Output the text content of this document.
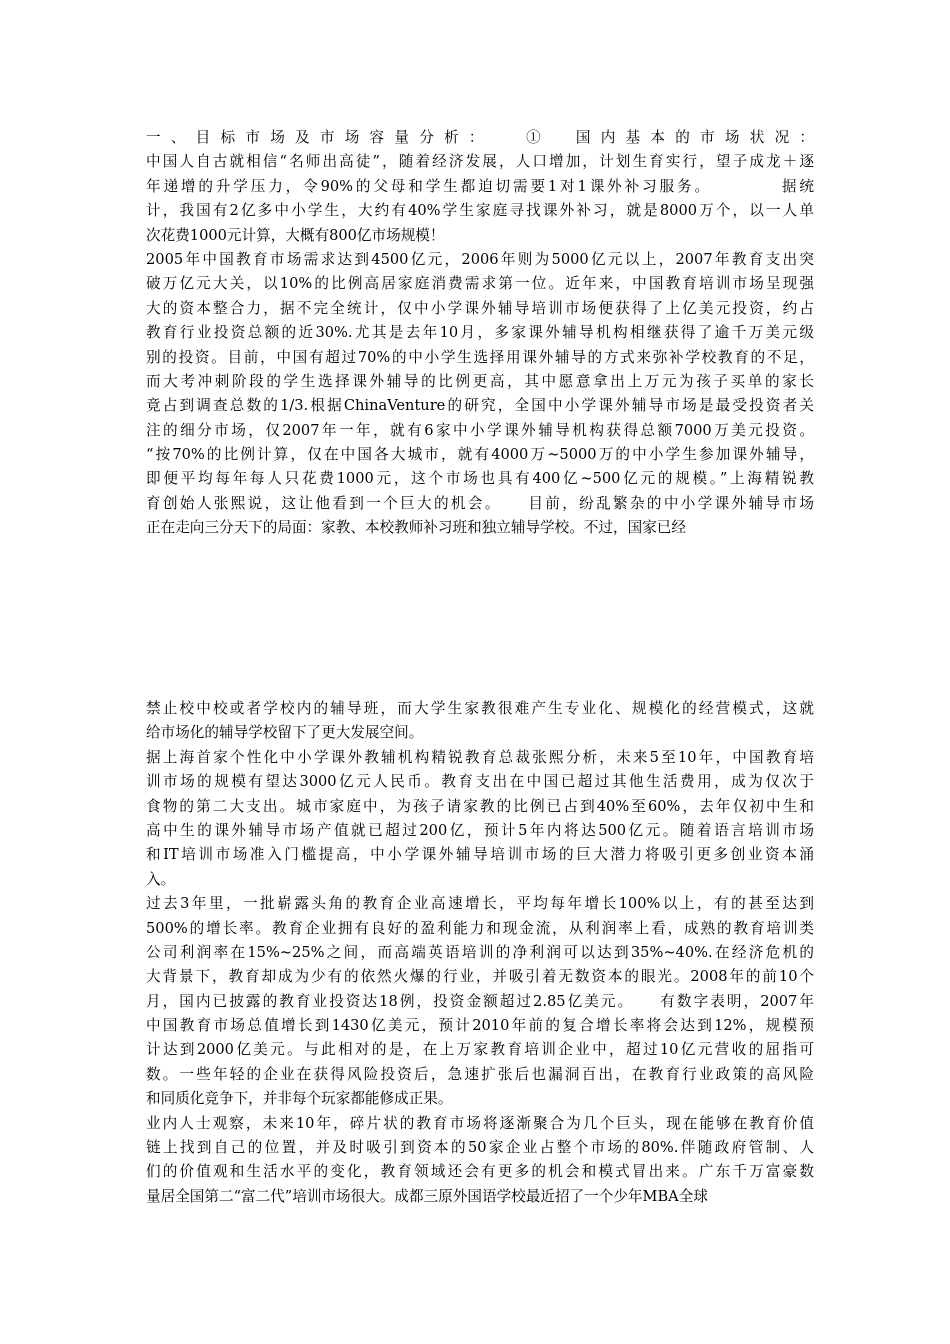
一、目标市场及市场容量分析：　 ①　国内基本的市场状况：
中国人自古就相信“名师出高徒”，随着经济发展，人口增加，计划生育实行，望子成龙＋逐
年递增的升学压力，令90%的父母和学生都迫切需要1对1课外补习服务。　　　　 据统
计，我国有2亿多中小学生，大约有40%学生家庭寻找课外补习，就是8000万个，以一人单
次花费1000元计算，大概有800亿市场规模！
2005年中国教育市场需求达到4500亿元，2006年则为5000亿元以上，2007年教育支出突
破万亿元大关，以10%的比例高居家庭消费需求第一位。近年来，中国教育培训市场呈现强
大的资本整合力，据不完全统计，仅中小学课外辅导培训市场便获得了上亿美元投资，约占
教育行业投资总额的近30%.尤其是去年10月，多家课外辅导机构相继获得了逾千万美元级
别的投资。目前，中国有超过70%的中小学生选择用课外辅导的方式来弥补学校教育的不足，
而大考冲刺阶段的学生选择课外辅导的比例更高，其中愿意拿出上万元为孩子买单的家长
竟占到调查总数的1/3.根据ChinaVenture的研究，全国中小学课外辅导市场是最受投资者关
注的细分市场，仅2007年一年，就有6家中小学课外辅导机构获得总额7000万美元投资。
“按70%的比例计算，仅在中国各大城市，就有4000万~5000万的中小学生参加课外辅导，
即便平均每年每人只花费1000元，这个市场也具有400亿~500亿元的规模。”上海精锐教
育创始人张熙说，这让他看到一个巨大的机会。　　目前，纷乱繁杂的中小学课外辅导市场
正在走向三分天下的局面：家教、本校教师补习班和独立辅导学校。不过，国家已经
禁止校中校或者学校内的辅导班，而大学生家教很难产生专业化、规模化的经营模式，这就
给市场化的辅导学校留下了更大发展空间。
据上海首家个性化中小学课外教辅机构精锐教育总裁张熙分析，未来5至10年，中国教育培
训市场的规模有望达3000亿元人民币。教育支出在中国已超过其他生活费用，成为仅次于
食物的第二大支出。城市家庭中，为孩子请家教的比例已占到40%至60%，去年仅初中生和
高中生的课外辅导市场产值就已超过200亿，预计5年内将达500亿元。随着语言培训市场
和IT培训市场准入门槛提高，中小学课外辅导培训市场的巨大潜力将吸引更多创业资本涌
入。
过去3年里，一批崭露头角的教育企业高速增长，平均每年增长100%以上，有的甚至达到
500%的增长率。教育企业拥有良好的盈利能力和现金流，从利润率上看，成熟的教育培训类
公司利润率在15%~25%之间，而高端英语培训的净利润可以达到35%~40%.在经济危机的
大背景下，教育却成为少有的依然火爆的行业，并吸引着无数资本的眼光。2008年的前10个
月，国内已披露的教育业投资达18例，投资金额超过2.85亿美元。　　有数字表明，2007年
中国教育市场总值增长到1430亿美元，预计2010年前的复合增长率将会达到12%，规模预
计达到2000亿美元。与此相对的是，在上万家教育培训企业中，超过10亿元营收的屈指可
数。一些年轻的企业在获得风险投资后，急速扩张后也漏洞百出，在教育行业政策的高风险
和同质化竞争下，并非每个玩家都能修成正果。
业内人士观察，未来10年，碎片状的教育市场将逐渐聚合为几个巨头，现在能够在教育价值
链上找到自己的位置，并及时吸引到资本的50家企业占整个市场的80%.伴随政府管制、人
们的价值观和生活水平的变化，教育领域还会有更多的机会和模式冒出来。广东千万富豪数
量居全国第二“富二代”培训市场很大。成都三原外国语学校最近招了一个少年MBA全球
